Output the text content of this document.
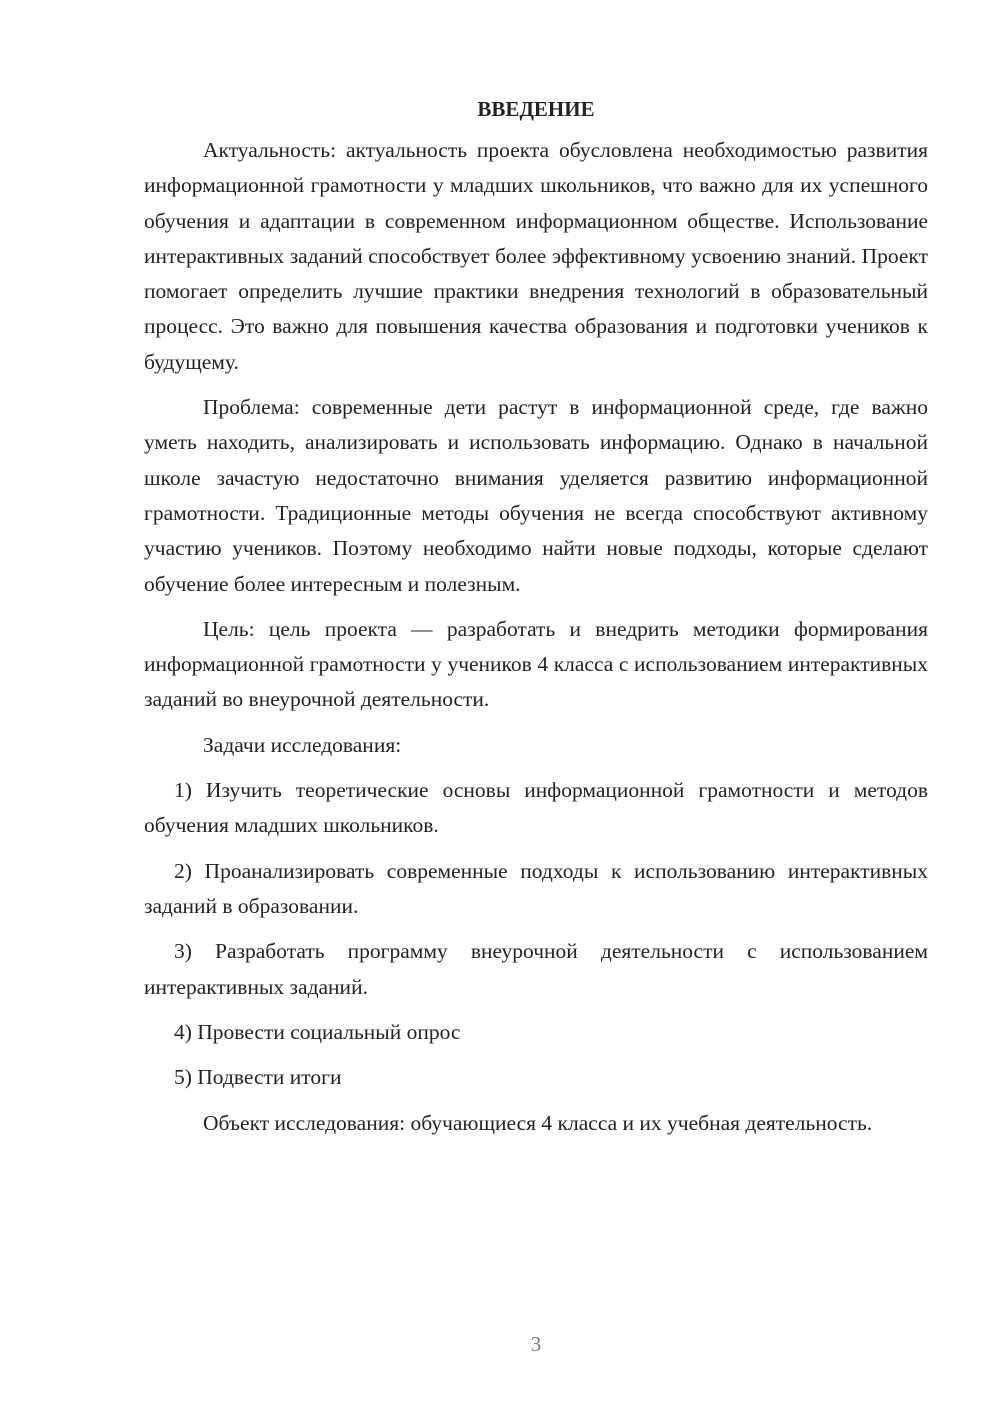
ВВЕДЕНИЕ

Актуальность: актуальность проекта обусловлена необходимостью развития информационной грамотности у младших школьников, что важно для их успешного обучения и адаптации в современном информационном обществе. Использование интерактивных заданий способствует более эффективному усвоению знаний. Проект помогает определить лучшие практики внедрения технологий в образовательный процесс. Это важно для повышения качества образования и подготовки учеников к будущему.

Проблема: современные дети растут в информационной среде, где важно уметь находить, анализировать и использовать информацию. Однако в начальной школе зачастую недостаточно внимания уделяется развитию информационной грамотности. Традиционные методы обучения не всегда способствуют активному участию учеников. Поэтому необходимо найти новые подходы, которые сделают обучение более интересным и полезным.

Цель: цель проекта — разработать и внедрить методики формирования информационной грамотности у учеников 4 класса с использованием интерактивных заданий во внеурочной деятельности.

Задачи исследования:

1) Изучить теоретические основы информационной грамотности и методов обучения младших школьников.

2) Проанализировать современные подходы к использованию интерактивных заданий в образовании.

3) Разработать программу внеурочной деятельности с использованием интерактивных заданий.

4) Провести социальный опрос

5) Подвести итоги

Объект исследования: обучающиеся 4 класса и их учебная деятельность.

3
